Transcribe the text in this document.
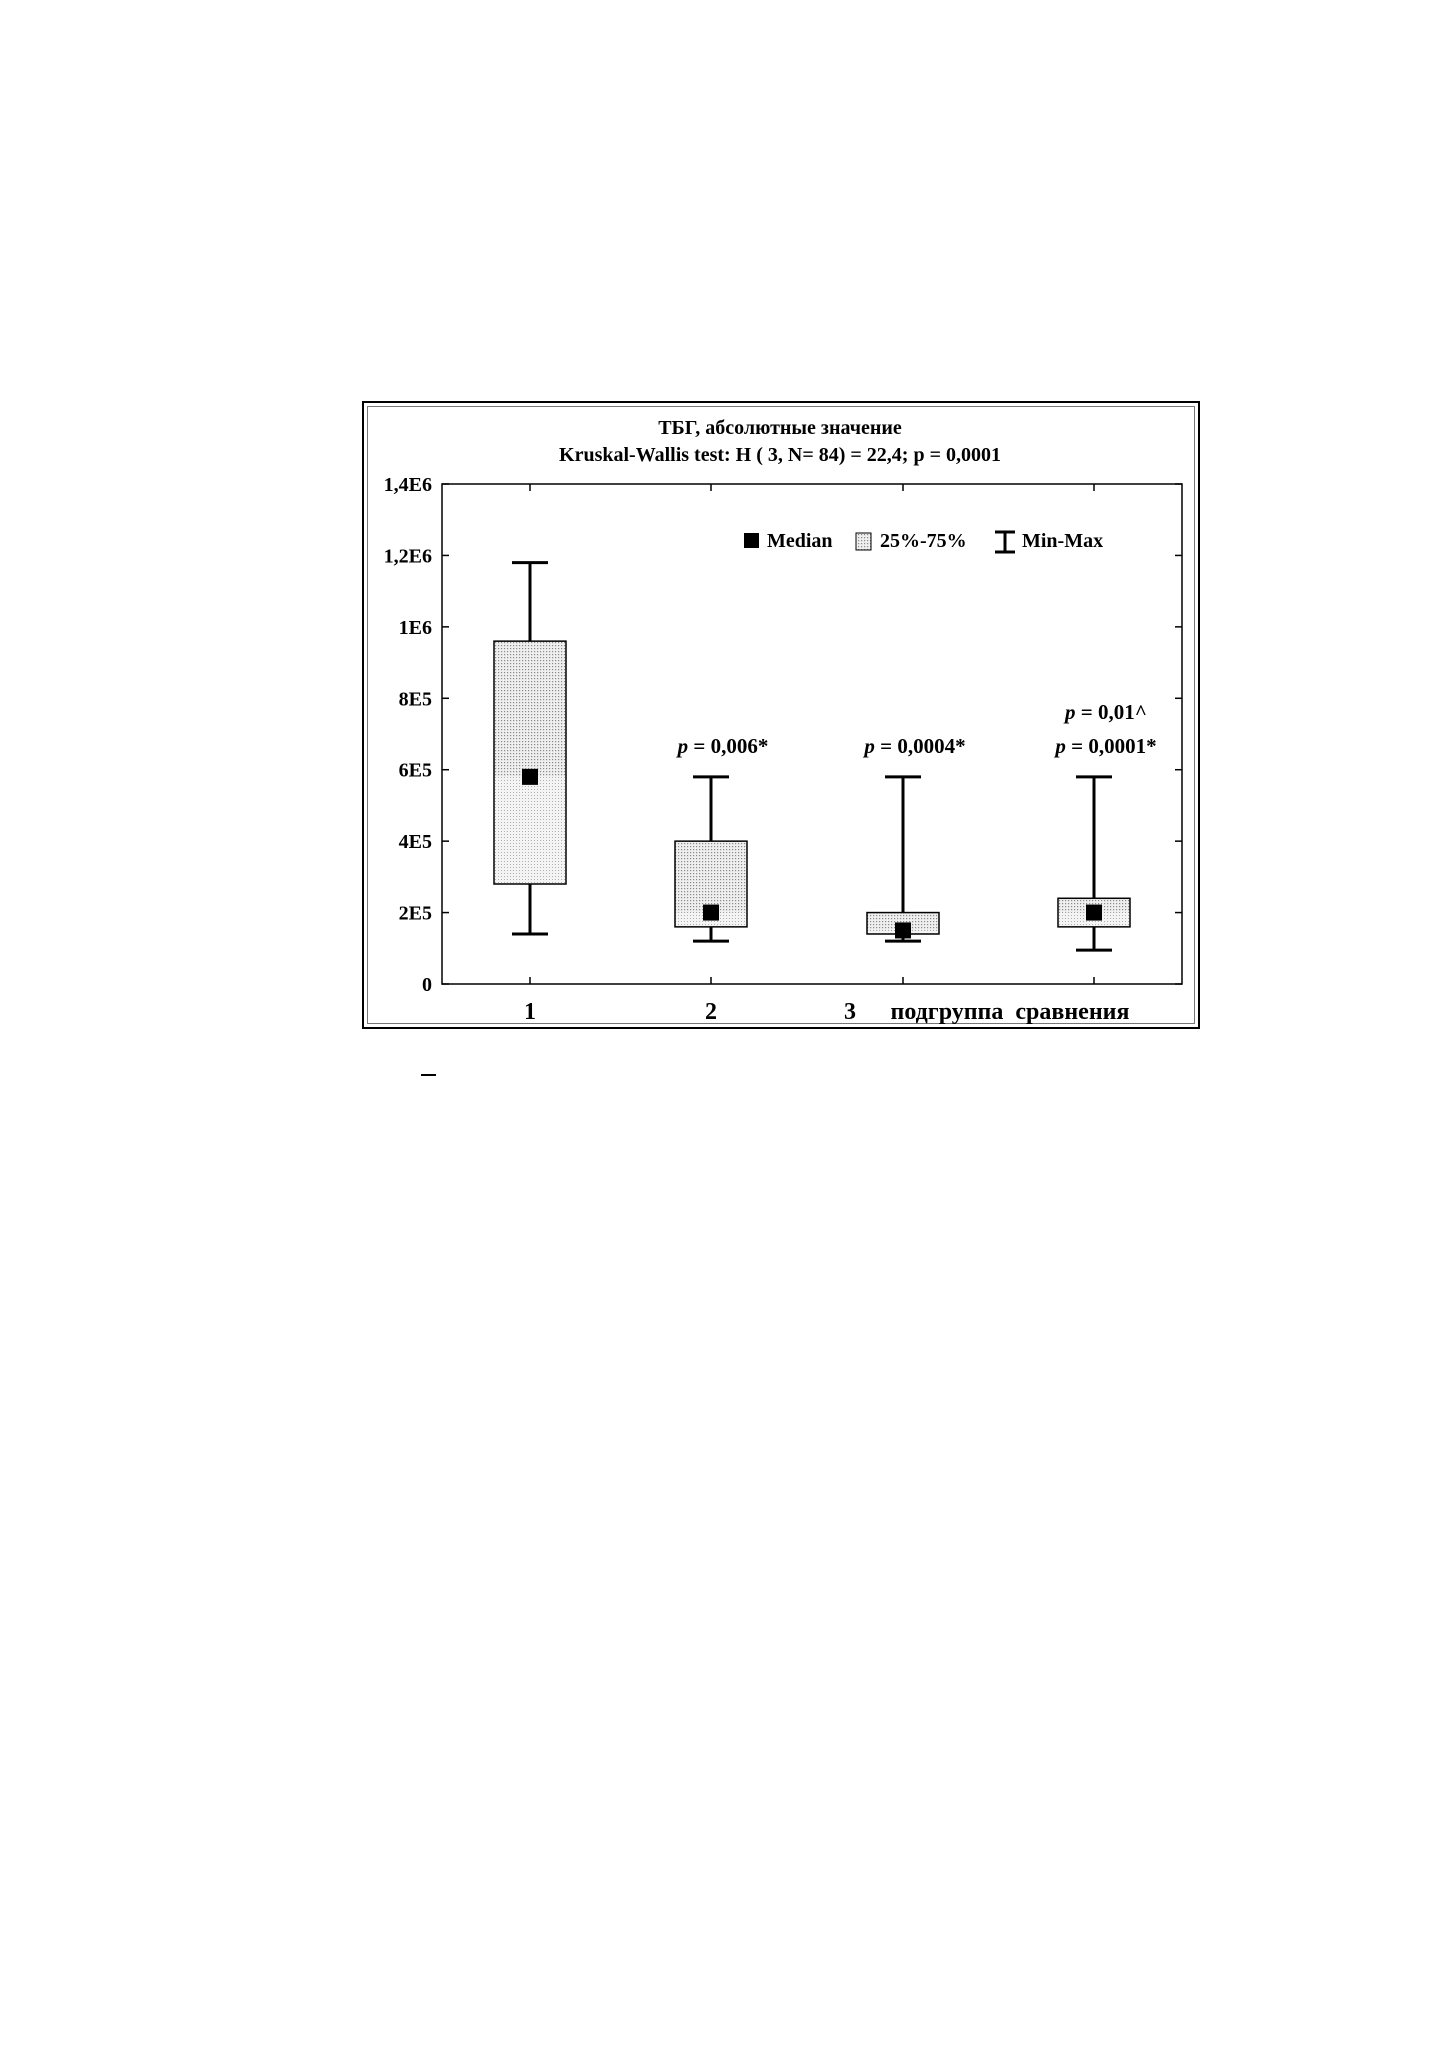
ТБГ, абсолютные значение
Kruskal-Wallis test: H ( 3, N= 84) = 22,4; p = 0,0001
0
2E5
4E5
6E5
8E5
1E6
1,2E6
1,4E6
1	2	3 подгруппа  сравнения
p = 0,006*	p = 0,0004*
p = 0,01^
p = 0,0001*
Median 25%-75%	Min-Max
